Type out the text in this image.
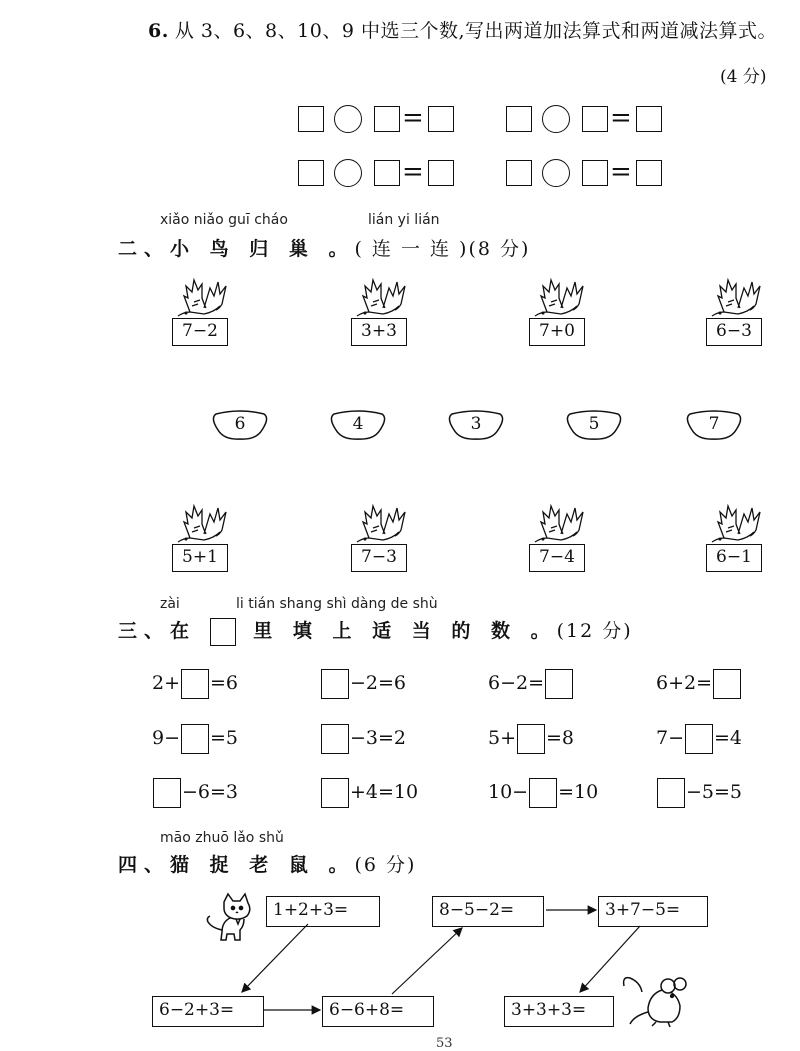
6. 从 3、6、8、10、9 中选三个数,写出两道加法算式和两道减法算式。
(4 分)
=	=
=	=
xiǎo niǎo guī cháo	lián yi lián
二、小 鸟 归 巢 。( 连 一 连 )(8 分)
7−2	3+3	7+0	6−3
6	4	3	5	7
5+1	7−3	7−4	6−1
zài	li tián shang shì dàng de shù
三、在	里 填 上 适 当 的 数 。(12 分)
2+ =6	−2=6	6−2=	6+2=
9− =5	−3=2	5+ =8	7− =4
−6=3	+4=10	10− =10	−5=5
māo zhuō lǎo shǔ
四、猫 捉 老 鼠 。(6 分)
1+2+3=	8−5−2=	3+7−5=
6−2+3=	6−6+8=	3+3+3=
53
